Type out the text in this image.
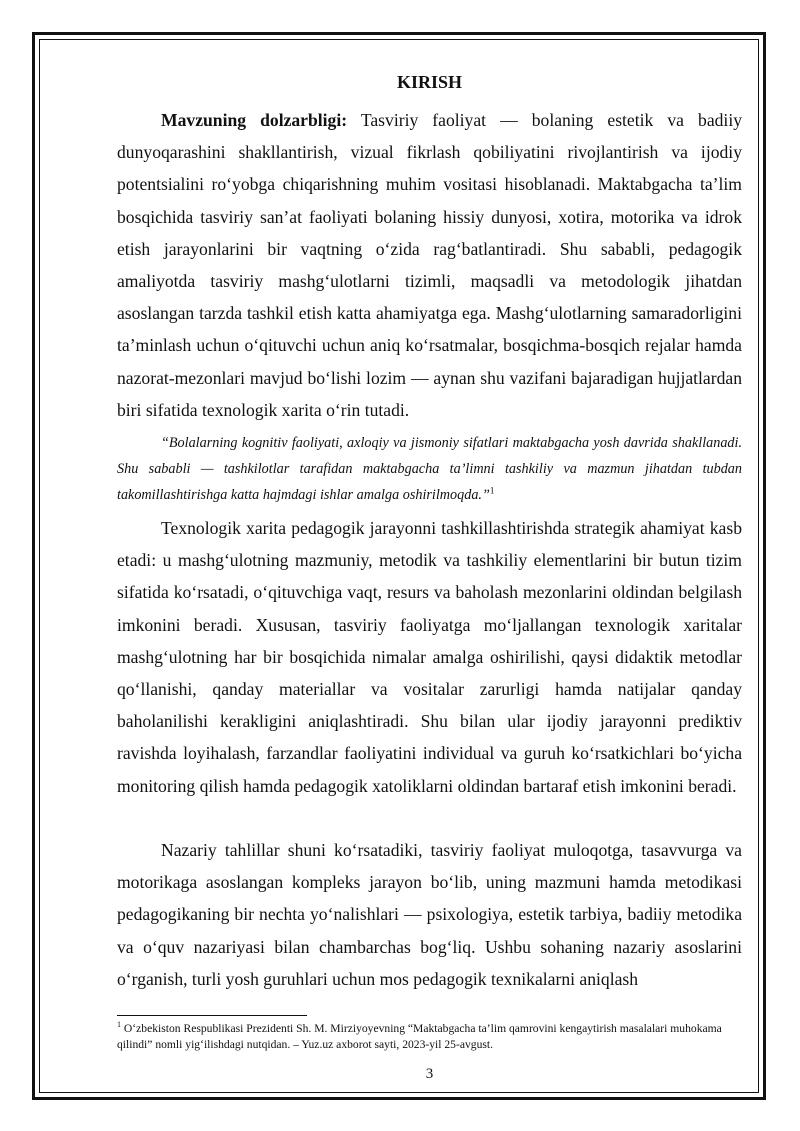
KIRISH

Mavzuning dolzarbligi: Tasviriy faoliyat — bolaning estetik va badiiy dunyoqarashini shakllantirish, vizual fikrlash qobiliyatini rivojlantirish va ijodiy potentsialini ro‘yobga chiqarishning muhim vositasi hisoblanadi. Maktabgacha ta’lim bosqichida tasviriy san’at faoliyati bolaning hissiy dunyosi, xotira, motorika va idrok etish jarayonlarini bir vaqtning o‘zida rag‘batlantiradi. Shu sababli, pedagogik amaliyotda tasviriy mashg‘ulotlarni tizimli, maqsadli va metodologik jihatdan asoslangan tarzda tashkil etish katta ahamiyatga ega. Mashg‘ulotlarning samaradorligini ta’minlash uchun o‘qituvchi uchun aniq ko‘rsatmalar, bosqichma-bosqich rejalar hamda nazorat-mezonlari mavjud bo‘lishi lozim — aynan shu vazifani bajaradigan hujjatlardan biri sifatida texnologik xarita o‘rin tutadi.

“Bolalarning kognitiv faoliyati, axloqiy va jismoniy sifatlari maktabgacha yosh davrida shakllanadi. Shu sababli — tashkilotlar tarafidan maktabgacha ta’limni tashkiliy va mazmun jihatdan tubdan takomillashtirishga katta hajmdagi ishlar amalga oshirilmoqda.”$^1$

Texnologik xarita pedagogik jarayonni tashkillashtirishda strategik ahamiyat kasb etadi: u mashg‘ulotning mazmuniy, metodik va tashkiliy elementlarini bir butun tizim sifatida ko‘rsatadi, o‘qituvchiga vaqt, resurs va baholash mezonlarini oldindan belgilash imkonini beradi. Xususan, tasviriy faoliyatga mo‘ljallangan texnologik xaritalar mashg‘ulotning har bir bosqichida nimalar amalga oshirilishi, qaysi didaktik metodlar qo‘llanishi, qanday materiallar va vositalar zarurligi hamda natijalar qanday baholanilishi kerakligini aniqlashtiradi. Shu bilan ular ijodiy jarayonni prediktiv ravishda loyihalash, farzandlar faoliyatini individual va guruh ko‘rsatkichlari bo‘yicha monitoring qilish hamda pedagogik xatoliklarni oldindan bartaraf etish imkonini beradi.

Nazariy tahlillar shuni ko‘rsatadiki, tasviriy faoliyat muloqotga, tasavvurga va motorikaga asoslangan kompleks jarayon bo‘lib, uning mazmuni hamda metodikasi pedagogikaning bir nechta yo‘nalishlari — psixologiya, estetik tarbiya, badiiy metodika va o‘quv nazariyasi bilan chambarchas bog‘liq. Ushbu sohaning nazariy asoslarini o‘rganish, turli yosh guruhlari uchun mos pedagogik texnikalarni aniqlash

$^1$ O‘zbekiston Respublikasi Prezidenti Sh. M. Mirziyoyevning “Maktabgacha ta’lim qamrovini kengaytirish masalalari muhokama qilindi” nomli yig‘ilishdagi nutqidan. – Yuz.uz axborot sayti, 2023-yil 25-avgust.

3
